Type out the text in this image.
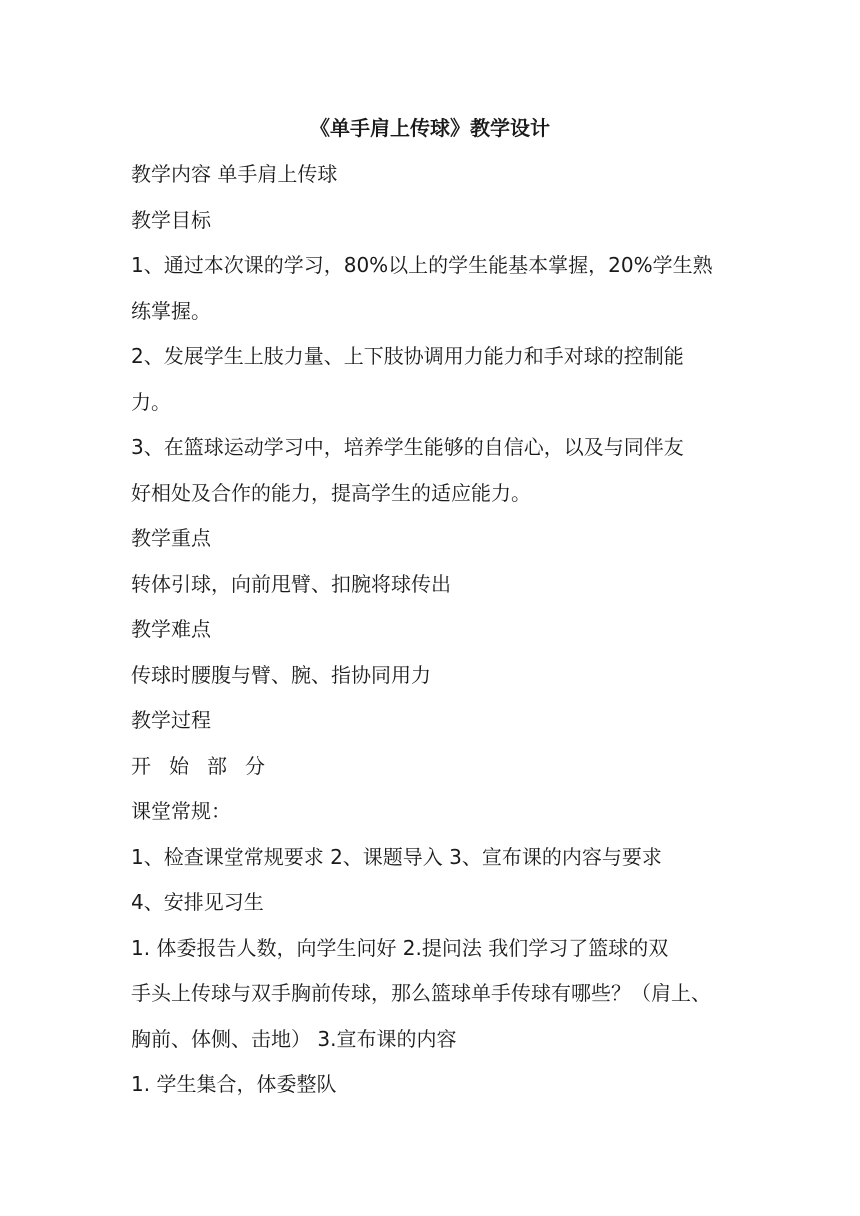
《单手肩上传球》教学设计

教学内容 单手肩上传球

教学目标

1、通过本次课的学习，80%以上的学生能基本掌握，20%学生熟

练掌握。

2、发展学生上肢力量、上下肢协调用力能力和手对球的控制能

力。

3、在篮球运动学习中，培养学生能够的自信心，以及与同伴友

好相处及合作的能力，提高学生的适应能力。

教学重点

转体引球，向前甩臂、扣腕将球传出

教学难点

传球时腰腹与臂、腕、指协同用力

教学过程

开始部分

课堂常规：

1、检查课堂常规要求 2、课题导入 3、宣布课的内容与要求

4、安排见习生

1. 体委报告人数，向学生问好 2.提问法 我们学习了篮球的双

手头上传球与双手胸前传球，那么篮球单手传球有哪些？（肩上、

胸前、体侧、击地） 3.宣布课的内容

1. 学生集合，体委整队
